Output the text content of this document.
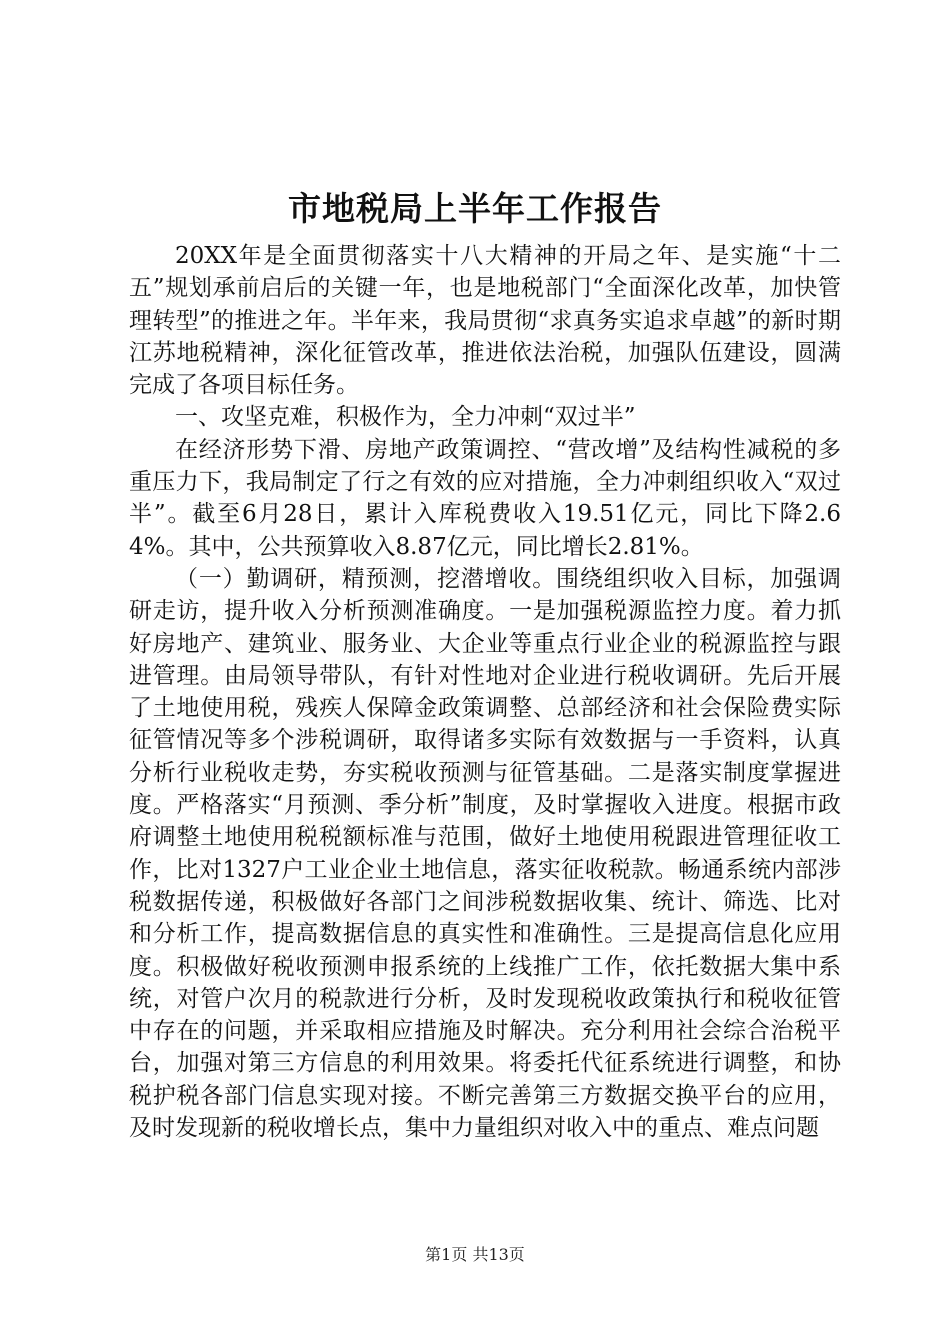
市地税局上半年工作报告

20XX年是全面贯彻落实十八大精神的开局之年、是实施“十二五”规划承前启后的关键一年，也是地税部门“全面深化改革，加快管理转型”的推进之年。半年来，我局贯彻“求真务实追求卓越”的新时期江苏地税精神，深化征管改革，推进依法治税，加强队伍建设，圆满完成了各项目标任务。

一、攻坚克难，积极作为，全力冲刺“双过半”

在经济形势下滑、房地产政策调控、“营改增”及结构性减税的多重压力下，我局制定了行之有效的应对措施，全力冲刺组织收入“双过半”。截至6月28日，累计入库税费收入19.51亿元，同比下降2.64%。其中，公共预算收入8.87亿元，同比增长2.81%。

（一）勤调研，精预测，挖潜增收。围绕组织收入目标，加强调研走访，提升收入分析预测准确度。一是加强税源监控力度。着力抓好房地产、建筑业、服务业、大企业等重点行业企业的税源监控与跟进管理。由局领导带队，有针对性地对企业进行税收调研。先后开展了土地使用税，残疾人保障金政策调整、总部经济和社会保险费实际征管情况等多个涉税调研，取得诸多实际有效数据与一手资料，认真分析行业税收走势，夯实税收预测与征管基础。二是落实制度掌握进度。严格落实“月预测、季分析”制度，及时掌握收入进度。根据市政府调整土地使用税税额标准与范围，做好土地使用税跟进管理征收工作，比对1327户工业企业土地信息，落实征收税款。畅通系统内部涉税数据传递，积极做好各部门之间涉税数据收集、统计、筛选、比对和分析工作，提高数据信息的真实性和准确性。三是提高信息化应用度。积极做好税收预测申报系统的上线推广工作，依托数据大集中系统，对管户次月的税款进行分析，及时发现税收政策执行和税收征管中存在的问题，并采取相应措施及时解决。充分利用社会综合治税平台，加强对第三方信息的利用效果。将委托代征系统进行调整，和协税护税各部门信息实现对接。不断完善第三方数据交换平台的应用，及时发现新的税收增长点，集中力量组织对收入中的重点、难点问题

第1页 共13页
